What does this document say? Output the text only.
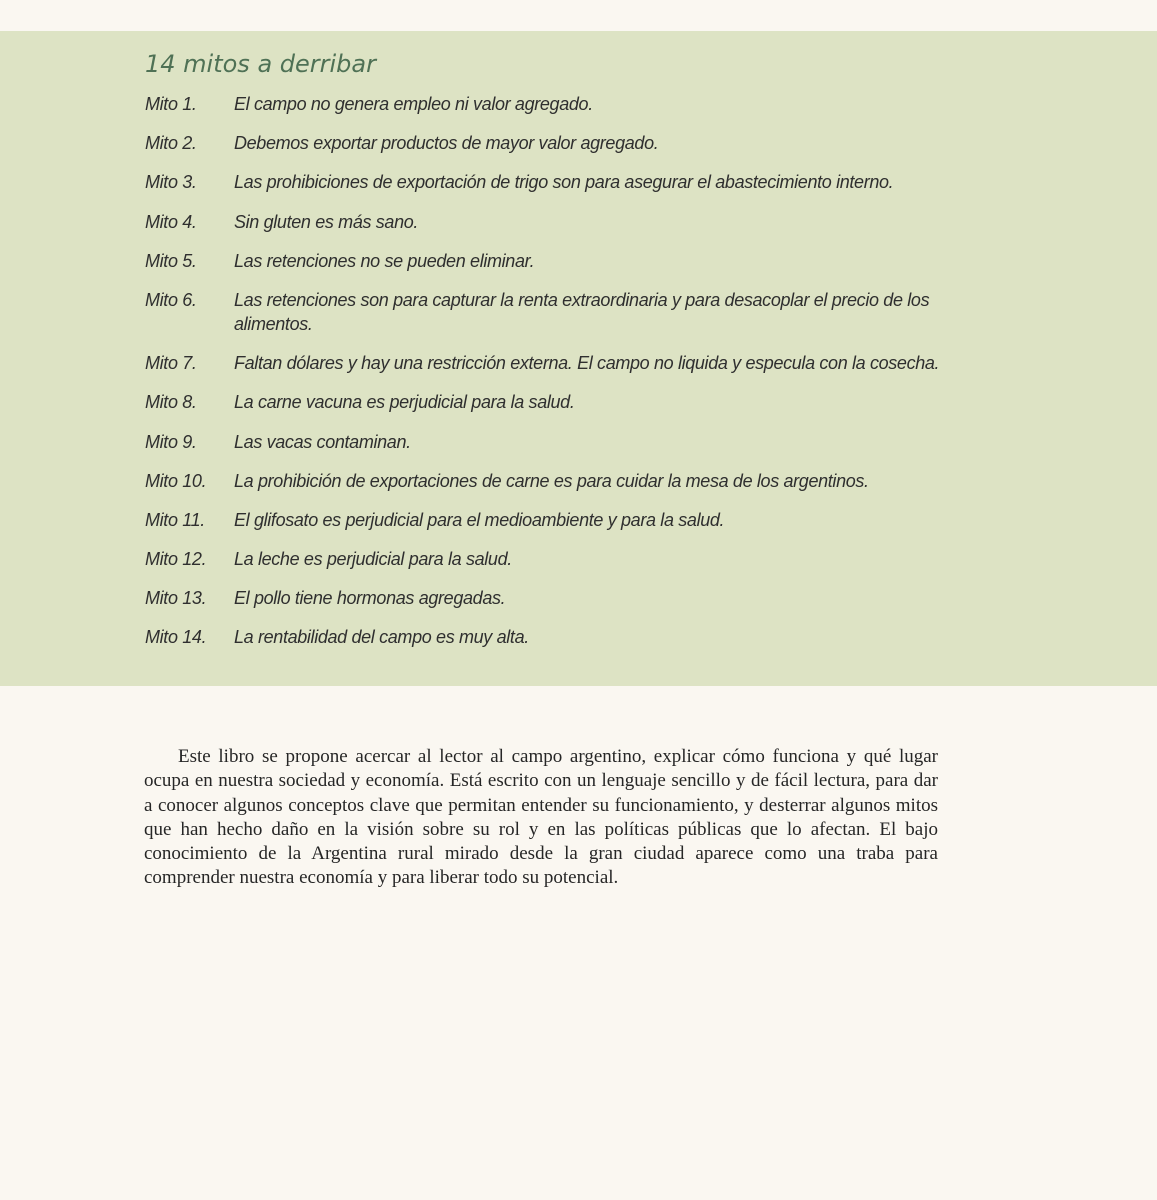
14 mitos a derribar
Mito 1.	El campo no genera empleo ni valor agregado.
Mito 2.	Debemos exportar productos de mayor valor agregado.
Mito 3.	Las prohibiciones de exportación de trigo son para asegurar el abastecimiento interno.
Mito 4.	Sin gluten es más sano.
Mito 5.	Las retenciones no se pueden eliminar.
Mito 6.	Las retenciones son para capturar la renta extraordinaria y para desacoplar el precio de los alimentos.
Mito 7.	Faltan dólares y hay una restricción externa. El campo no liquida y especula con la cosecha.
Mito 8.	La carne vacuna es perjudicial para la salud.
Mito 9.	Las vacas contaminan.
Mito 10.	La prohibición de exportaciones de carne es para cuidar la mesa de los argentinos.
Mito 11.	El glifosato es perjudicial para el medioambiente y para la salud.
Mito 12.	La leche es perjudicial para la salud.
Mito 13.	El pollo tiene hormonas agregadas.
Mito 14.	La rentabilidad del campo es muy alta.

Este libro se propone acercar al lector al campo argentino, explicar cómo funciona y qué lugar ocupa en nuestra sociedad y economía. Está escrito con un lenguaje sencillo y de fácil lectura, para dar a conocer algunos conceptos clave que permitan entender su funcionamiento, y desterrar algunos mitos que han hecho daño en la visión sobre su rol y en las políticas públicas que lo afectan. El bajo conocimiento de la Argentina rural mirado desde la gran ciudad aparece como una traba para comprender nuestra economía y para liberar todo su potencial.
